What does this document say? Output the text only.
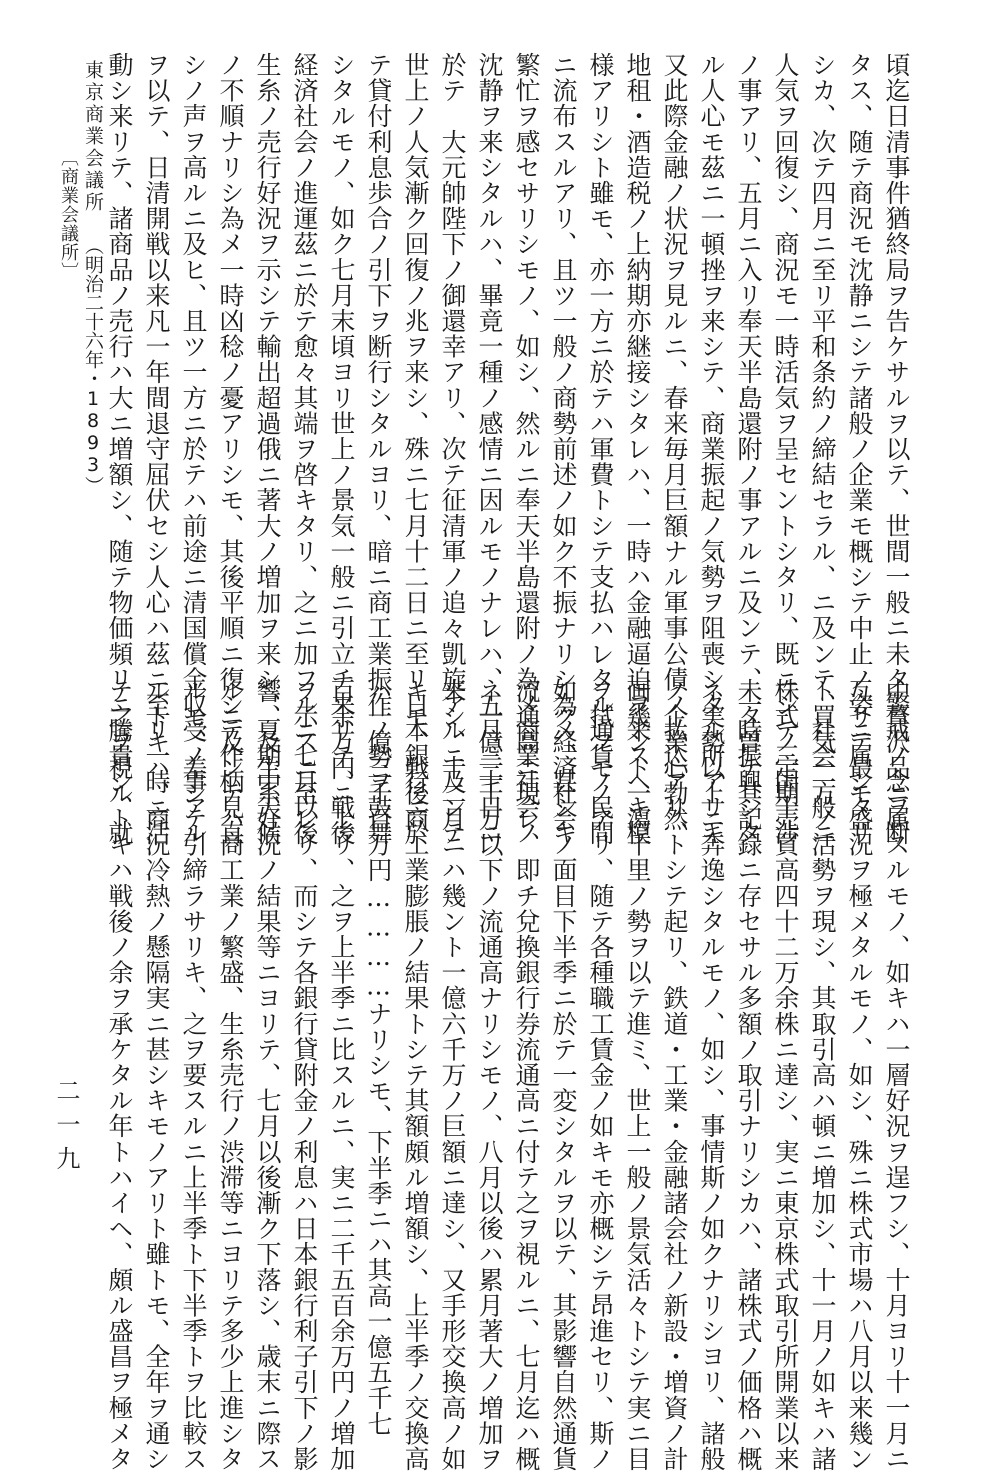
頃迄日清事件猶終局ヲ告ケサルヲ以テ、世間一般ニ未タ警戒ノ念ヲ断
タス、随テ商況モ沈静ニシテ諸般ノ企業モ概シテ中止ノ姿ニ属シタリ
シカ、次テ四月ニ至リ平和条約ノ締結セラル、ニ及ンテ、社会一般ニ
人気ヲ回復シ、商況モ一時活気ヲ呈セントシタリ、既ニシテ三国干渉
ノ事アリ、五月ニ入リ奉天半島還附ノ事アルニ及ンテ、一時振興シタ
ル人心モ茲ニ一頓挫ヲ来シテ、商業振起ノ気勢ヲ阻喪シタル所アリキ
又此際金融ノ状況ヲ見ルニ、春来毎月巨額ナル軍事公債ノ払込アリ、
地租・酒造税ノ上納期亦継接シタレハ、一時ハ金融逼迫ヲ来スヘキ模
様アリシト雖モ、亦一方ニ於テハ軍費トシテ支払ハレタル通貨ノ民間
ニ流布スルアリ、且ツ一般ノ商勢前述ノ如ク不振ナリシ為メ、甚シキ
繁忙ヲ感セサリシモノ、如シ、然ルニ奉天半島還附ノ為メ商業社会ノ
沈静ヲ来シタルハ、畢竟一種ノ感情ニ因ルモノナレハ、五月三十日ニ
於テ　大元帥陛下ノ御還幸アリ、次テ征清軍ノ追々凱旋アルニ及ンテ
世上ノ人気漸ク回復ノ兆ヲ来シ、殊ニ七月十二日ニ至リ日本銀行ニ於
テ貸付利息歩合ノ引下ヲ断行シタルヨリ、暗ニ商工業振作ノ勢ヲ鼓舞
シタルモノ、如ク七月末頃ヨリ世上ノ景気一般ニ引立チ来リテ、戦後
経済社会ノ進運茲ニ於テ愈々其端ヲ啓キタリ、之ニ加フルニ七月以後
生糸ノ売行好況ヲ示シテ輸出超過俄ニ著大ノ増加ヲ来シ、夏期中天候
ノ不順ナリシ為メ一時凶稔ノ憂アリシモ、其後平順ニ復シテ作柄見直
シノ声ヲ高ルニ及ヒ、且ツ一方ニ於テハ前途ニ清国償金収受ノ事アル
ヲ以テ、日清開戦以来凡一年間退守屈伏セシ人心ハ茲ニ至リ一時ニ活
動シ来リテ、諸商品ノ売行ハ大ニ増額シ、随テ物価頻リニ騰貴シ、就
中贅沢品ニ属スルモノ、如キハ一層好況ヲ逞フシ、十月ヨリ十一月ニ
亙リテ最モ盛況ヲ極メタルモノ、如シ、殊ニ株式市場ハ八月以来幾ン
ト買気一方ノ活勢ヲ現シ、其取引高ハ頓ニ増加シ、十一月ノ如キハ諸
株式ノ定期売買高四十二万余株ニ達シ、実ニ東京株式取引所開業以来
未タ曽テ其記録ニ存セサル多額ノ取引ナリシカハ、諸株式ノ価格ハ概
ネ実勢以上ニ奔逸シタルモノ、如シ、事情斯ノ如クナリシヨリ、諸般
ノ企業心勃然トシテ起リ、鉄道・工業・金融諸会社ノ新設・増資ノ計
画幾ント一瀉千里ノ勢ヲ以テ進ミ、世上一般ノ景気活々トシテ実ニ目
ヲ拭フモノアリ、随テ各種職工賃金ノ如キモ亦概シテ昂進セリ、斯ノ
如ク経済社会ノ面目下半季ニ於テ一変シタルヲ以テ、其影響自然通貨
流通高ニ現レ、即チ兌換銀行券流通高ニ付テ之ヲ視ルニ、七月迄ハ概
ネ一億三千万以下ノ流通高ナリシモノ、八月以後ハ累月著大ノ増加ヲ
来シ、十二月ニハ幾ント一億六千万ノ巨額ニ達シ、又手形交換高ノ如
キモ、戦後商工業膨脹ノ結果トシテ其額頗ル増額シ、上半季ノ交換高
ハ一億三千百万円…………ナリシモ、下半季ニハ其高一億五千七
百余万円ニ上リ、之ヲ上半季ニ比スルニ、実ニ二千五百余万円ノ増加
ヲ示スニ至レリ、而シテ各銀行貸附金ノ利息ハ日本銀行利子引下ノ影
響、及生糸好況ノ結果等ニヨリテ、七月以後漸ク下落シ、歳末ニ際ス
ルニ及ンテハ商工業ノ繁盛、生糸売行ノ渋滞等ニヨリテ多少上進シタ
ルモ、差シテ引締ラサリキ、之ヲ要スルニ上半季ト下半季トヲ比較ス
ルトキハ、商況冷熱ノ懸隔実ニ甚シキモノアリト雖トモ、全年ヲ通シ
テ之ヲ視ルトキハ戦後ノ余ヲ承ケタル年トハイヘ、頗ル盛昌ヲ極メタ
〔商業会議所〕
東京商業会議所（明治二十六年・1893）
二一九
